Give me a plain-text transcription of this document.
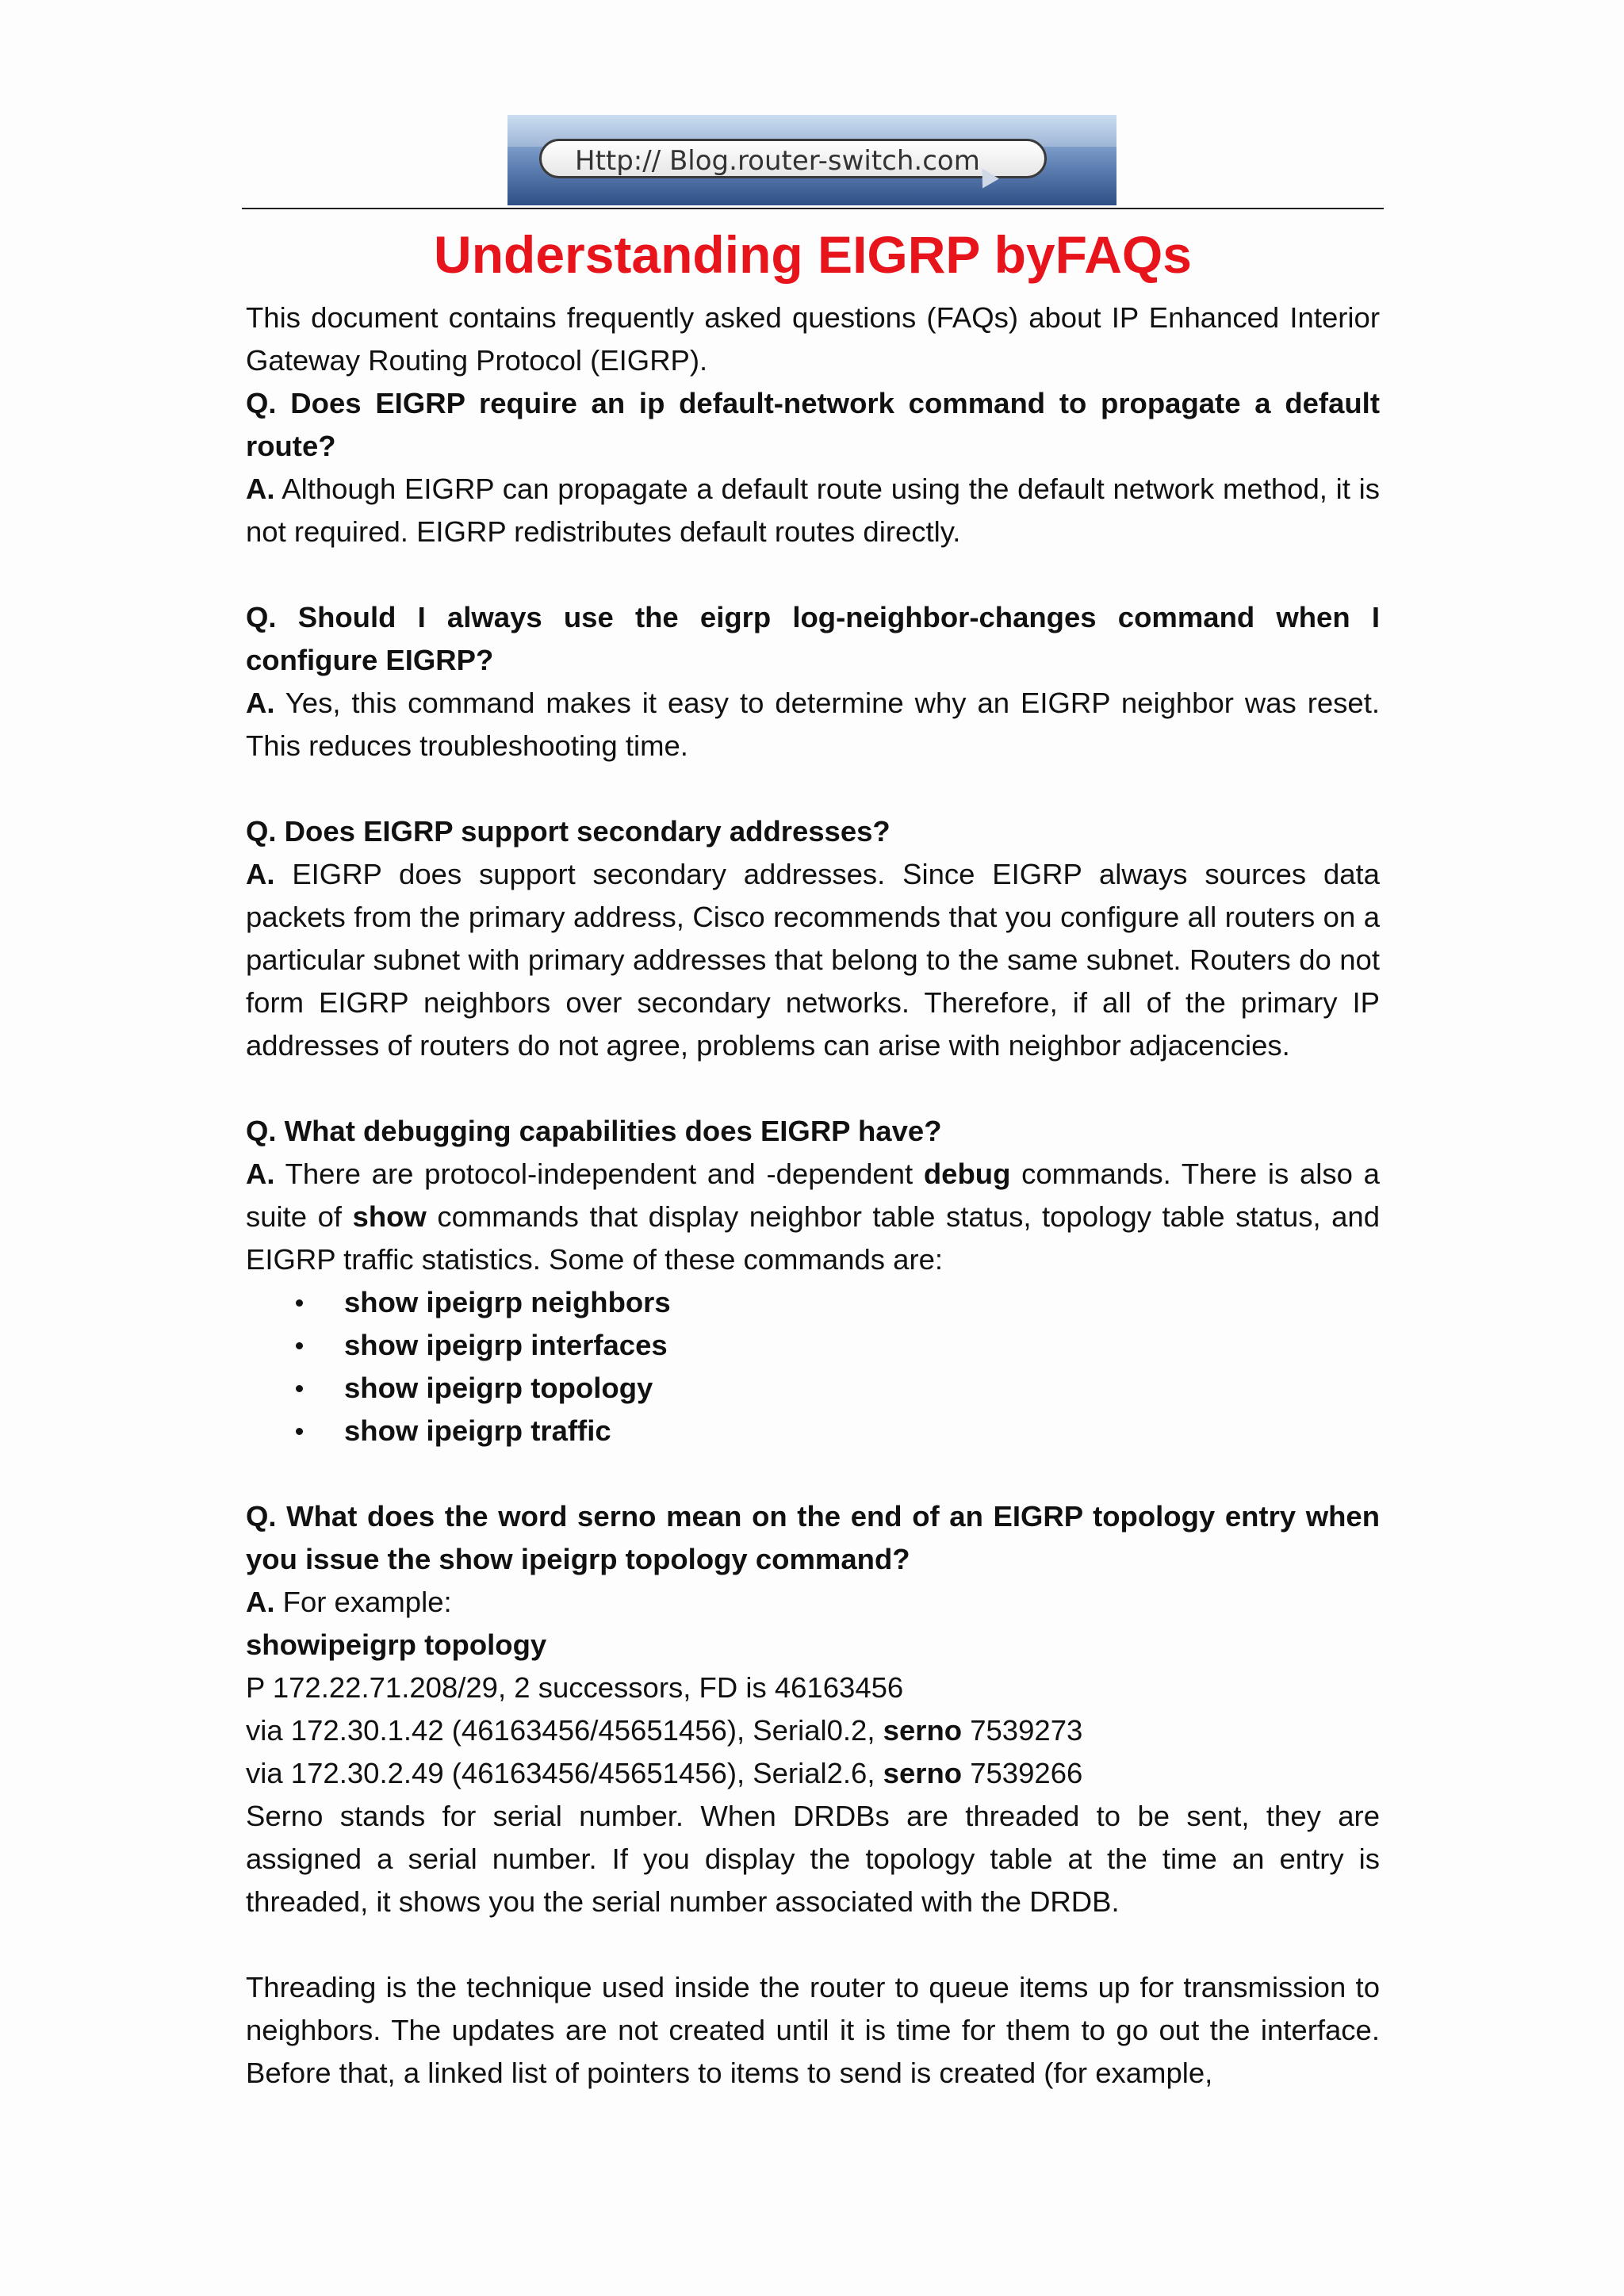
Http:// Blog.router-switch.com
Understanding EIGRP byFAQs

This document contains frequently asked questions (FAQs) about IP Enhanced Interior Gateway Routing Protocol (EIGRP).

Q. Does EIGRP require an ip default-network command to propagate a default route?

A. Although EIGRP can propagate a default route using the default network method, it is not required. EIGRP redistributes default routes directly.

Q. Should I always use the eigrp log-neighbor-changes command when I configure EIGRP?

A. Yes, this command makes it easy to determine why an EIGRP neighbor was reset. This reduces troubleshooting time.

Q. Does EIGRP support secondary addresses?

A. EIGRP does support secondary addresses. Since EIGRP always sources data packets from the primary address, Cisco recommends that you configure all routers on a particular subnet with primary addresses that belong to the same subnet. Routers do not form EIGRP neighbors over secondary networks. Therefore, if all of the primary IP addresses of routers do not agree, problems can arise with neighbor adjacencies.

Q. What debugging capabilities does EIGRP have?

A. There are protocol-independent and -dependent debug commands. There is also a suite of show commands that display neighbor table status, topology table status, and EIGRP traffic statistics. Some of these commands are:

show ipeigrp neighbors
show ipeigrp interfaces
show ipeigrp topology
show ipeigrp traffic

Q. What does the word serno mean on the end of an EIGRP topology entry when you issue the show ipeigrp topology command?

A. For example:

showipeigrp topology

P 172.22.71.208/29, 2 successors, FD is 46163456

via 172.30.1.42 (46163456/45651456), Serial0.2, serno 7539273

via 172.30.2.49 (46163456/45651456), Serial2.6, serno 7539266

Serno stands for serial number. When DRDBs are threaded to be sent, they are assigned a serial number. If you display the topology table at the time an entry is threaded, it shows you the serial number associated with the DRDB.

Threading is the technique used inside the router to queue items up for transmission to neighbors. The updates are not created until it is time for them to go out the interface. Before that, a linked list of pointers to items to send is created (for example,
